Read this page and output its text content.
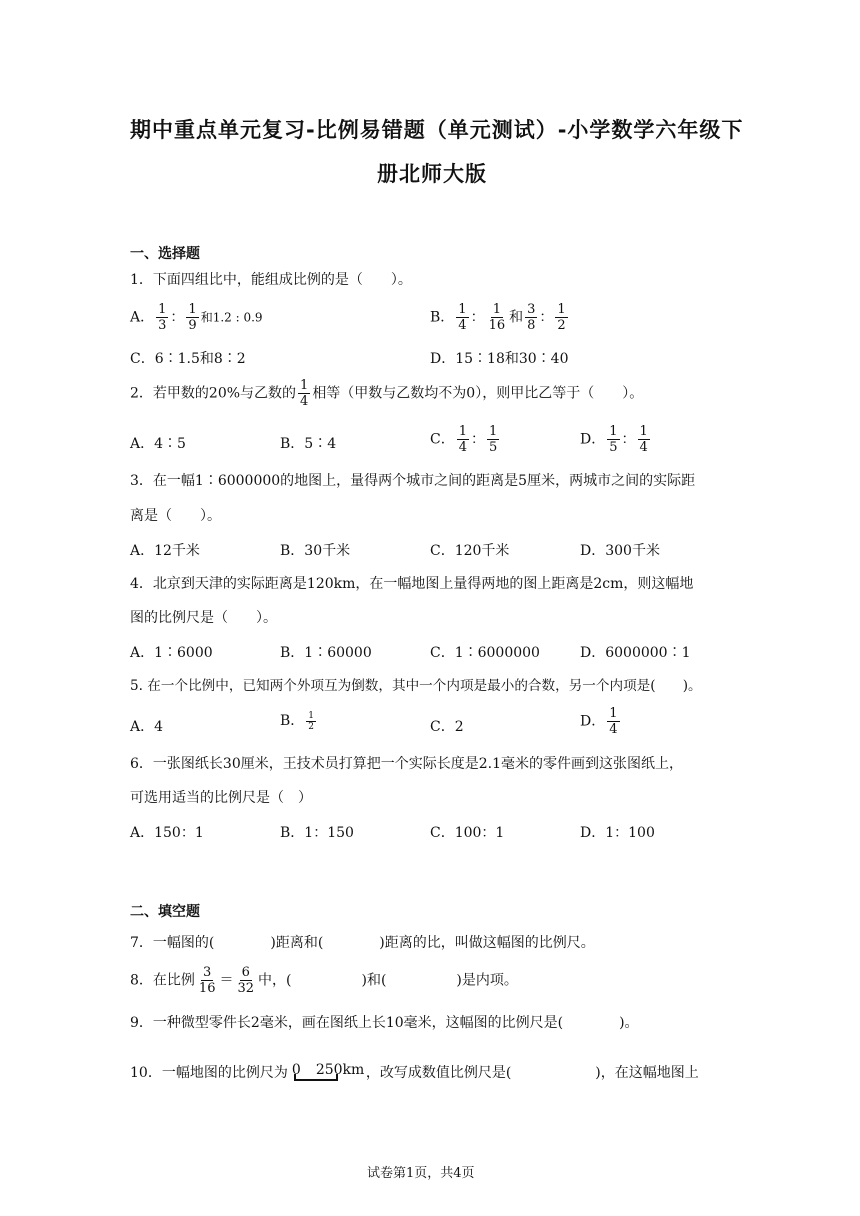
期中重点单元复习-比例易错题（单元测试）-小学数学六年级下
册北师大版
一、选择题
1．下面四组比中，能组成比例的是（　　）。
A． $\frac{1}{3}$ ： $\frac{1}{9}$ 和1.2 : 0.9	B． $\frac{1}{4}$ ： $\frac{1}{16}$ 和 $\frac{3}{8}$ ： $\frac{1}{2}$
C．6∶1.5和8∶2	D．15∶18和30∶40
2．若甲数的20%与乙数的 $\frac{1}{4}$ 相等（甲数与乙数均不为0），则甲比乙等于（　　）。
A．4∶5	B．5∶4	C． $\frac{1}{4}$ ： $\frac{1}{5}$	D． $\frac{1}{5}$ ： $\frac{1}{4}$
3．在一幅1∶6000000的地图上，量得两个城市之间的距离是5厘米，两城市之间的实际距
离是（　　）。
A．12千米	B．30千米	C．120千米	D．300千米
4．北京到天津的实际距离是120km，在一幅地图上量得两地的图上距离是2cm，则这幅地
图的比例尺是（　　）。
A．1∶6000	B．1∶60000	C．1∶6000000	D．6000000∶1
5. 在一个比例中，已知两个外项互为倒数，其中一个内项是最小的合数，另一个内项是(　　)。
A．4	B． $\frac{1}{2}$	C．2	D． $\frac{1}{4}$
6．一张图纸长30厘米，王技术员打算把一个实际长度是2.1毫米的零件画到这张图纸上，
可选用适当的比例尺是（　）
A．150：1	B．1：150	C．100：1	D．1：100
二、填空题
7．一幅图的(　　　　)距离和(　　　　)距离的比，叫做这幅图的比例尺。
8．在比例 $\frac{3}{16} = \frac{6}{32}$ 中，(　　　　　)和(　　　　　)是内项。
9．一种微型零件长2毫米，画在图纸上长10毫米，这幅图的比例尺是(　　　　)。
10．一幅地图的比例尺为 0 250km ，改写成数值比例尺是(　　　　　　)，在这幅地图上
试卷第1页，共4页
